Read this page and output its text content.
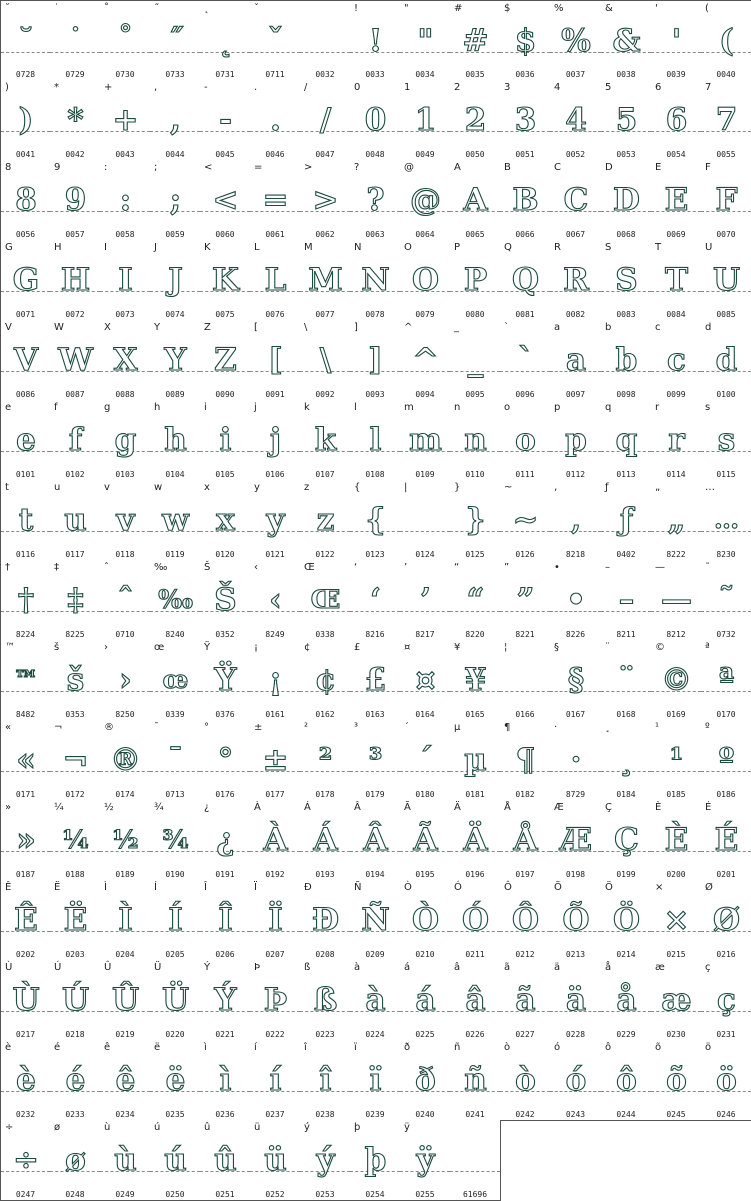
˘
˘
0728
˙
˙
0729
˚
˚
0730
˝
˝
0733
˛
˛
0731
ˇ
ˇ
0711	0032
!
!
0033
"
"
0034
#
#
0035
$
$
0036
%
%
0037
&
&
0038
'
'
0039
(
(
0040
)
)
0041
*
*
0042
+
+
0043
,
,
0044
-
-
0045
.
.
0046
/
/
0047
0
0
0048
1
1
0049
2
2
0050
3
3
0051
4
4
0052
5
5
0053
6
6
0054
7
7
0055
8
8
0056
9
9
0057
:
:
0058
;
;
0059
<
<
0060
=
=
0061
>
>
0062
?
?
0063
@
@
0064
A
A
0065
B
B
0066
C
C
0067
D
D
0068
E
E
0069
F
F
0070
G
G
0071
H
H
0072
I
I
0073
J
J
0074
K
K
0075
L
L
0076
M
M
0077
N
N
0078
O
O
0079
P
P
0080
Q
Q
0081
R
R
0082
S
S
0083
T
T
0084
U
U
0085
V
V
0086
W
W
0087
X
X
0088
Y
Y
0089
Z
Z
0090
[
[
0091
\
\
0092
]
]
0093
^
^
0094
_
_
0095
`
`
0096
a
a
0097
b
b
0098
c
c
0099
d
d
0100
e
e
0101
f
f
0102
g
g
0103
h
h
0104
i
i
0105
j
j
0106
k
k
0107
l
l
0108
m
m
0109
n
n
0110
o
o
0111
p
p
0112
q
q
0113
r
r
0114
s
s
0115
t
t
0116
u
u
0117
v
v
0118
w
w
0119
x
x
0120
y
y
0121
z
z
0122
{
{
0123
|
0124
}
}
0125
~
~
0126
‚
‚
8218
ƒ
ƒ
0402
„
„
8222
…
…
8230
†
†
8224
‡
‡
8225
ˆ
ˆ
0710
‰
‰
8240
Š
Š
0352
‹
‹
8249
Œ
Œ
0338
‘
‘
8216
’
’
8217
“
“
8220
”
”
8221
•
•
8226
–
–
8211
—
—
8212
˜
˜
0732
™
™
8482
š
š
0353
›
›
8250
œ
œ
0339
Ÿ
Ÿ
0376
¡
¡
0161
¢
¢
0162
£
£
0163
¤
¤
0164
¥
¥
0165
¦
0166
§
§
0167
¨
¨
0168
©
©
0169
ª
ª
0170
«
«
0171
¬
¬
0172
®
®
0174
¯
¯
0713
°
°
0176
±
±
0177
²
²
0178
³
³
0179
´
´
0180
µ
µ
0181
¶
¶
0182
·
·
8729
¸
¸
0184
¹
¹
0185
º
º
0186
»
»
0187
¼
¼
0188
½
½
0189
¾
¾
0190
¿
¿
0191
À
À
0192
Á
Á
0193
Â
Â
0194
Ã
Ã
0195
Ä
Ä
0196
Å
Å
0197
Æ
Æ
0198
Ç
Ç
0199
È
È
0200
É
É
0201
Ê
Ê
0202
Ë
Ë
0203
Ì
Ì
0204
Í
Í
0205
Î
Î
0206
Ï
Ï
0207
Ð
Ð
0208
Ñ
Ñ
0209
Ò
Ò
0210
Ó
Ó
0211
Ô
Ô
0212
Õ
Õ
0213
Ö
Ö
0214
×
×
0215
Ø
Ø
0216
Ù
Ù
0217
Ú
Ú
0218
Û
Û
0219
Ü
Ü
0220
Ý
Ý
0221
Þ
Þ
0222
ß
ß
0223
à
à
0224
á
á
0225
â
â
0226
ã
ã
0227
ä
ä
0228
å
å
0229
æ
æ
0230
ç
ç
0231
è
è
0232
é
é
0233
ê
ê
0234
ë
ë
0235
ì
ì
0236
í
í
0237
î
î
0238
ï
ï
0239
ð
ð
0240
ñ
ñ
0241
ò
ò
0242
ó
ó
0243
ô
ô
0244
õ
õ
0245
ö
ö
0246
÷
÷
0247
ø
ø
0248
ù
ù
0249
ú
ú
0250
û
û
0251
ü
ü
0252
ý
ý
0253
þ
þ
0254
ÿ
ÿ
0255	61696
